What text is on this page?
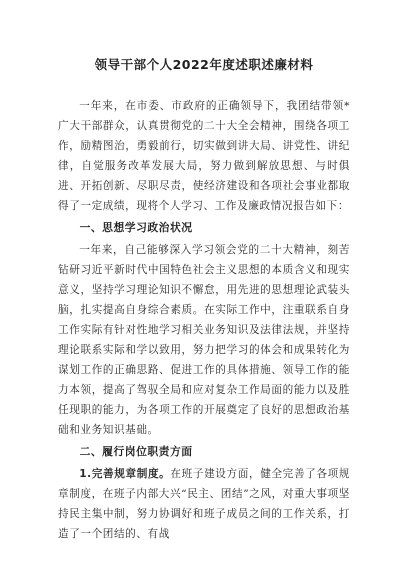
领导干部个人2022年度述职述廉材料

一年来，在市委、市政府的正确领导下，我团结带领*广大干部群众，认真贯彻党的二十大全会精神，围绕各项工作，励精图治，勇毅前行，切实做到讲大局、讲党性、讲纪律，自觉服务改革发展大局，努力做到解放思想、与时俱进、开拓创新、尽职尽责，使经济建设和各项社会事业都取得了一定成绩，现将个人学习、工作及廉政情况报告如下：

一、思想学习政治状况

一年来，自己能够深入学习领会党的二十大精神，刻苦钻研习近平新时代中国特色社会主义思想的本质含义和现实意义，坚持学习理论知识不懈怠，用先进的思想理论武装头脑，扎实提高自身综合素质。在实际工作中，注重联系自身工作实际有针对性地学习相关业务知识及法律法规，并坚持理论联系实际和学以致用，努力把学习的体会和成果转化为谋划工作的正确思路、促进工作的具体措施、领导工作的能力本领，提高了驾驭全局和应对复杂工作局面的能力以及胜任现职的能力，为各项工作的开展奠定了良好的思想政治基础和业务知识基础。

二、履行岗位职责方面

1.完善规章制度。在班子建设方面，健全完善了各项规章制度，在班子内部大兴“民主、团结”之风，对重大事项坚持民主集中制，努力协调好和班子成员之间的工作关系，打造了一个团结的、有战
